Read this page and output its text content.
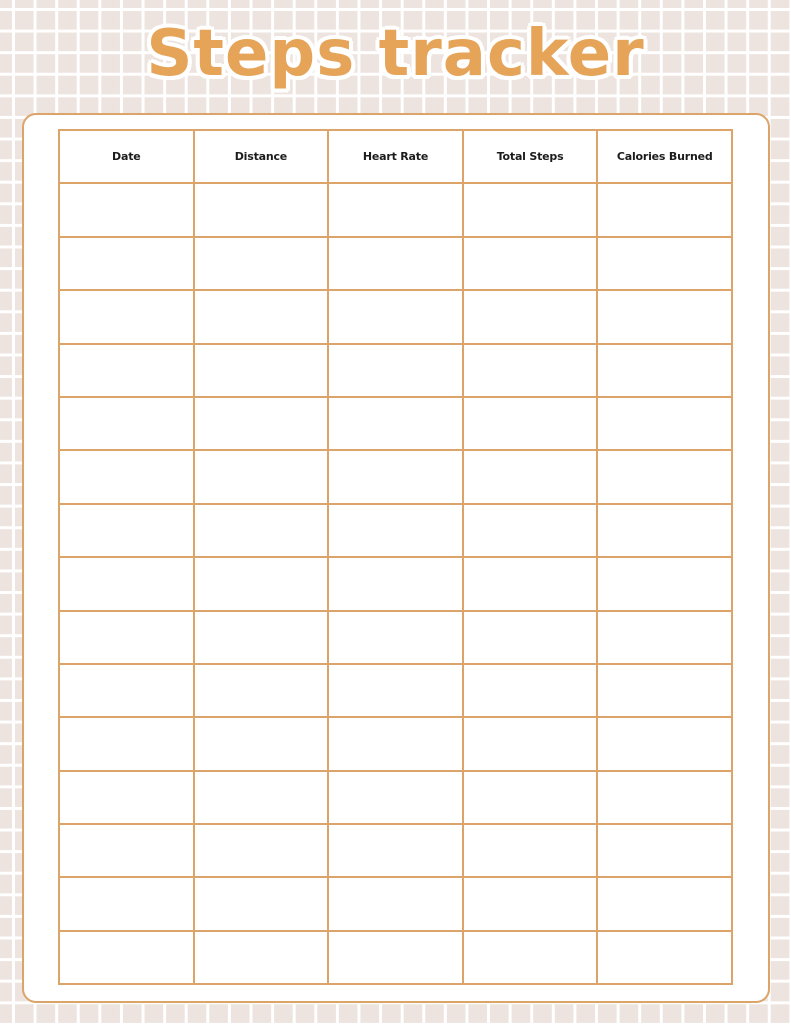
Steps tracker
Date	Distance	Heart Rate	Total Steps	Calories Burned
